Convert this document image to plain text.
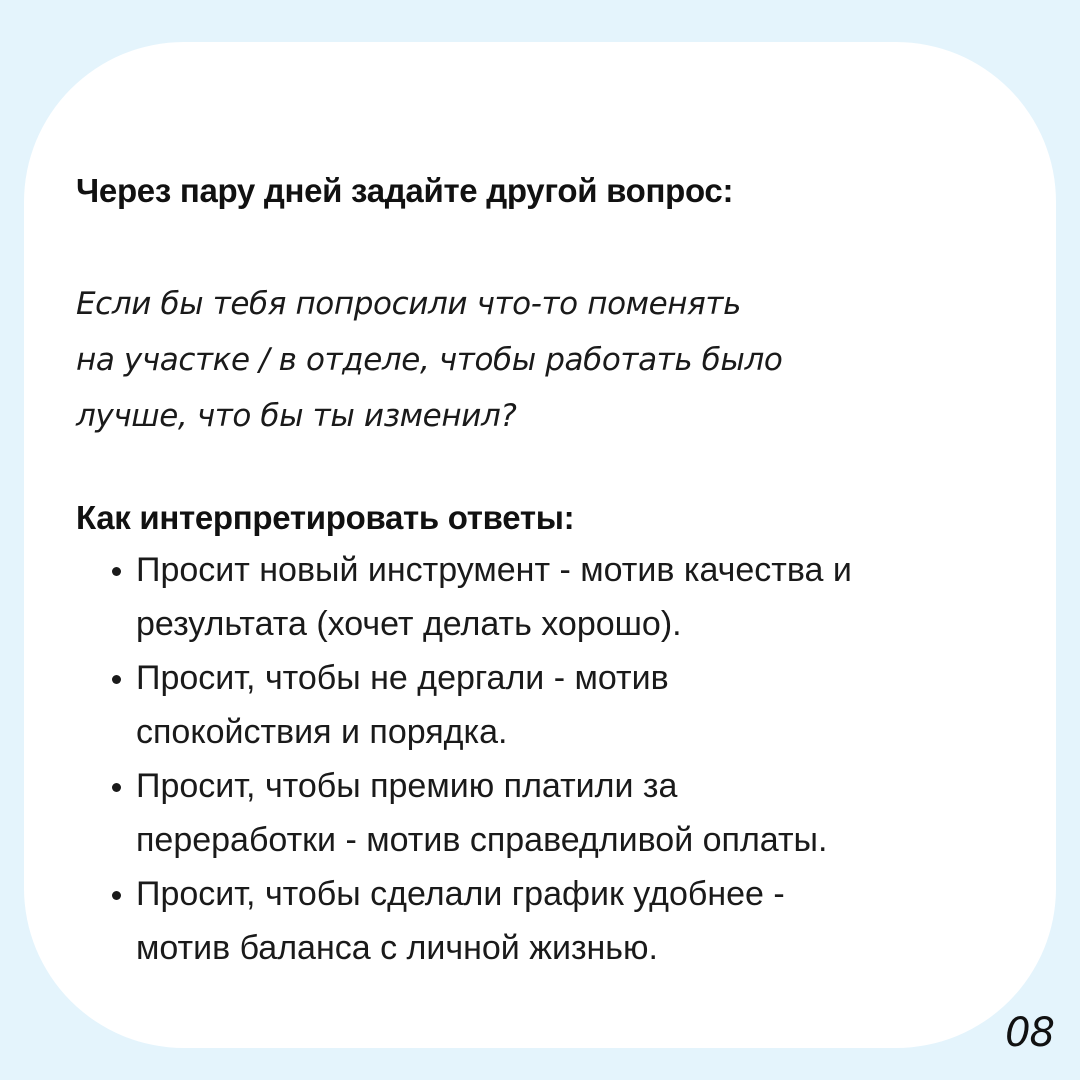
Через пару дней задайте другой вопрос:

Если бы тебя попросили что-то поменять
на участке / в отделе, чтобы работать было
лучше, что бы ты изменил?

Как интерпретировать ответы:
Просит новый инструмент - мотив качества и
результата (хочет делать хорошо).
Просит, чтобы не дергали - мотив
спокойствия и порядка.
Просит, чтобы премию платили за
переработки - мотив справедливой оплаты.
Просит, чтобы сделали график удобнее -
мотив баланса с личной жизнью.
08
